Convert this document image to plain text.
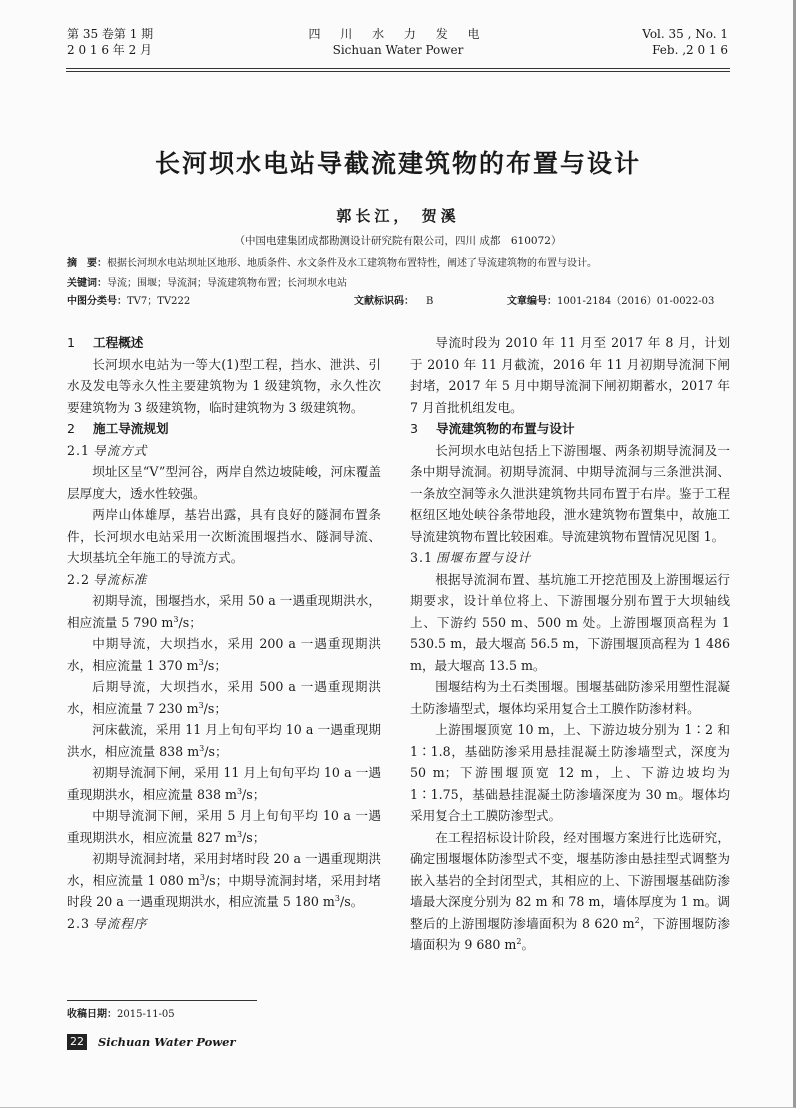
第 35 卷第 1 期
2 0 1 6 年 2 月
四 川 水 力 发 电
Sichuan Water Power
Vol. 35 , No. 1
Feb. ,2 0 1 6
长河坝水电站导截流建筑物的布置与设计
郭长江， 贺溪
（中国电建集团成都勘测设计研究院有限公司，四川 成都　610072）
摘　要：根据长河坝水电站坝址区地形、地质条件、水文条件及水工建筑物布置特性，阐述了导流建筑物的布置与设计。
关键词：导流；围堰；导流洞；导流建筑物布置；长河坝水电站
中图分类号：TV7；TV222	文献标识码： B	文章编号：1001-2184（2016）01-0022-03
1 工程概述

长河坝水电站为一等大(1)型工程，挡水、泄洪、引水及发电等永久性主要建筑物为 1 级建筑物，永久性次要建筑物为 3 级建筑物，临时建筑物为 3 级建筑物。

2 施工导流规划
2.1 导流方式

坝址区呈“V”型河谷，两岸自然边坡陡峻，河床覆盖层厚度大，透水性较强。

两岸山体雄厚，基岩出露，具有良好的隧洞布置条件，长河坝水电站采用一次断流围堰挡水、隧洞导流、大坝基坑全年施工的导流方式。

2.2 导流标准

初期导流，围堰挡水，采用 50 a 一遇重现期洪水，相应流量 5 790 $m^3/s$；

中期导流，大坝挡水，采用 200 a 一遇重现期洪水，相应流量 1 370 $m^3/s$；

后期导流，大坝挡水，采用 500 a 一遇重现期洪水，相应流量 7 230 $m^3/s$；

河床截流，采用 11 月上旬旬平均 10 a 一遇重现期洪水，相应流量 838 $m^3/s$；

初期导流洞下闸，采用 11 月上旬旬平均 10 a 一遇重现期洪水，相应流量 838 $m^3/s$；

中期导流洞下闸，采用 5 月上旬旬平均 10 a 一遇重现期洪水，相应流量 827 $m^3/s$；

初期导流洞封堵，采用封堵时段 20 a 一遇重现期洪水，相应流量 1 080 $m^3/s$；中期导流洞封堵，采用封堵时段 20 a 一遇重现期洪水，相应流量 5 180 $m^3/s$。

2.3 导流程序

导流时段为 2010 年 11 月至 2017 年 8 月，计划于 2010 年 11 月截流，2016 年 11 月初期导流洞下闸封堵，2017 年 5 月中期导流洞下闸初期蓄水，2017 年 7 月首批机组发电。

3 导流建筑物的布置与设计

长河坝水电站包括上下游围堰、两条初期导流洞及一条中期导流洞。初期导流洞、中期导流洞与三条泄洪洞、一条放空洞等永久泄洪建筑物共同布置于右岸。鉴于工程枢纽区地处峡谷条带地段，泄水建筑物布置集中，故施工导流建筑物布置比较困难。导流建筑物布置情况见图 1。

3.1 围堰布置与设计

根据导流洞布置、基坑施工开挖范围及上游围堰运行期要求，设计单位将上、下游围堰分别布置于大坝轴线上、下游约 550 m、500 m 处。上游围堰顶高程为 1 530.5 m，最大堰高 56.5 m，下游围堰顶高程为 1 486 m，最大堰高 13.5 m。

围堰结构为土石类围堰。围堰基础防渗采用塑性混凝土防渗墙型式，堰体均采用复合土工膜作防渗材料。

上游围堰顶宽 10 m，上、下游边坡分别为 1∶2 和 1∶1.8，基础防渗采用悬挂混凝土防渗墙型式，深度为 50 m；下游围堰顶宽 12 m，上、下游边坡均为 1∶1.75，基础悬挂混凝土防渗墙深度为 30 m。堰体均采用复合土工膜防渗型式。

在工程招标设计阶段，经对围堰方案进行比选研究，确定围堰堰体防渗型式不变，堰基防渗由悬挂型式调整为嵌入基岩的全封闭型式，其相应的上、下游围堰基础防渗墙最大深度分别为 82 m 和 78 m，墙体厚度为 1 m。调整后的上游围堰防渗墙面积为 8 620 $m^2$，下游围堰防渗墙面积为 9 680 $m^2$。

收稿日期：2015-11-05
22 Sichuan Water Power
